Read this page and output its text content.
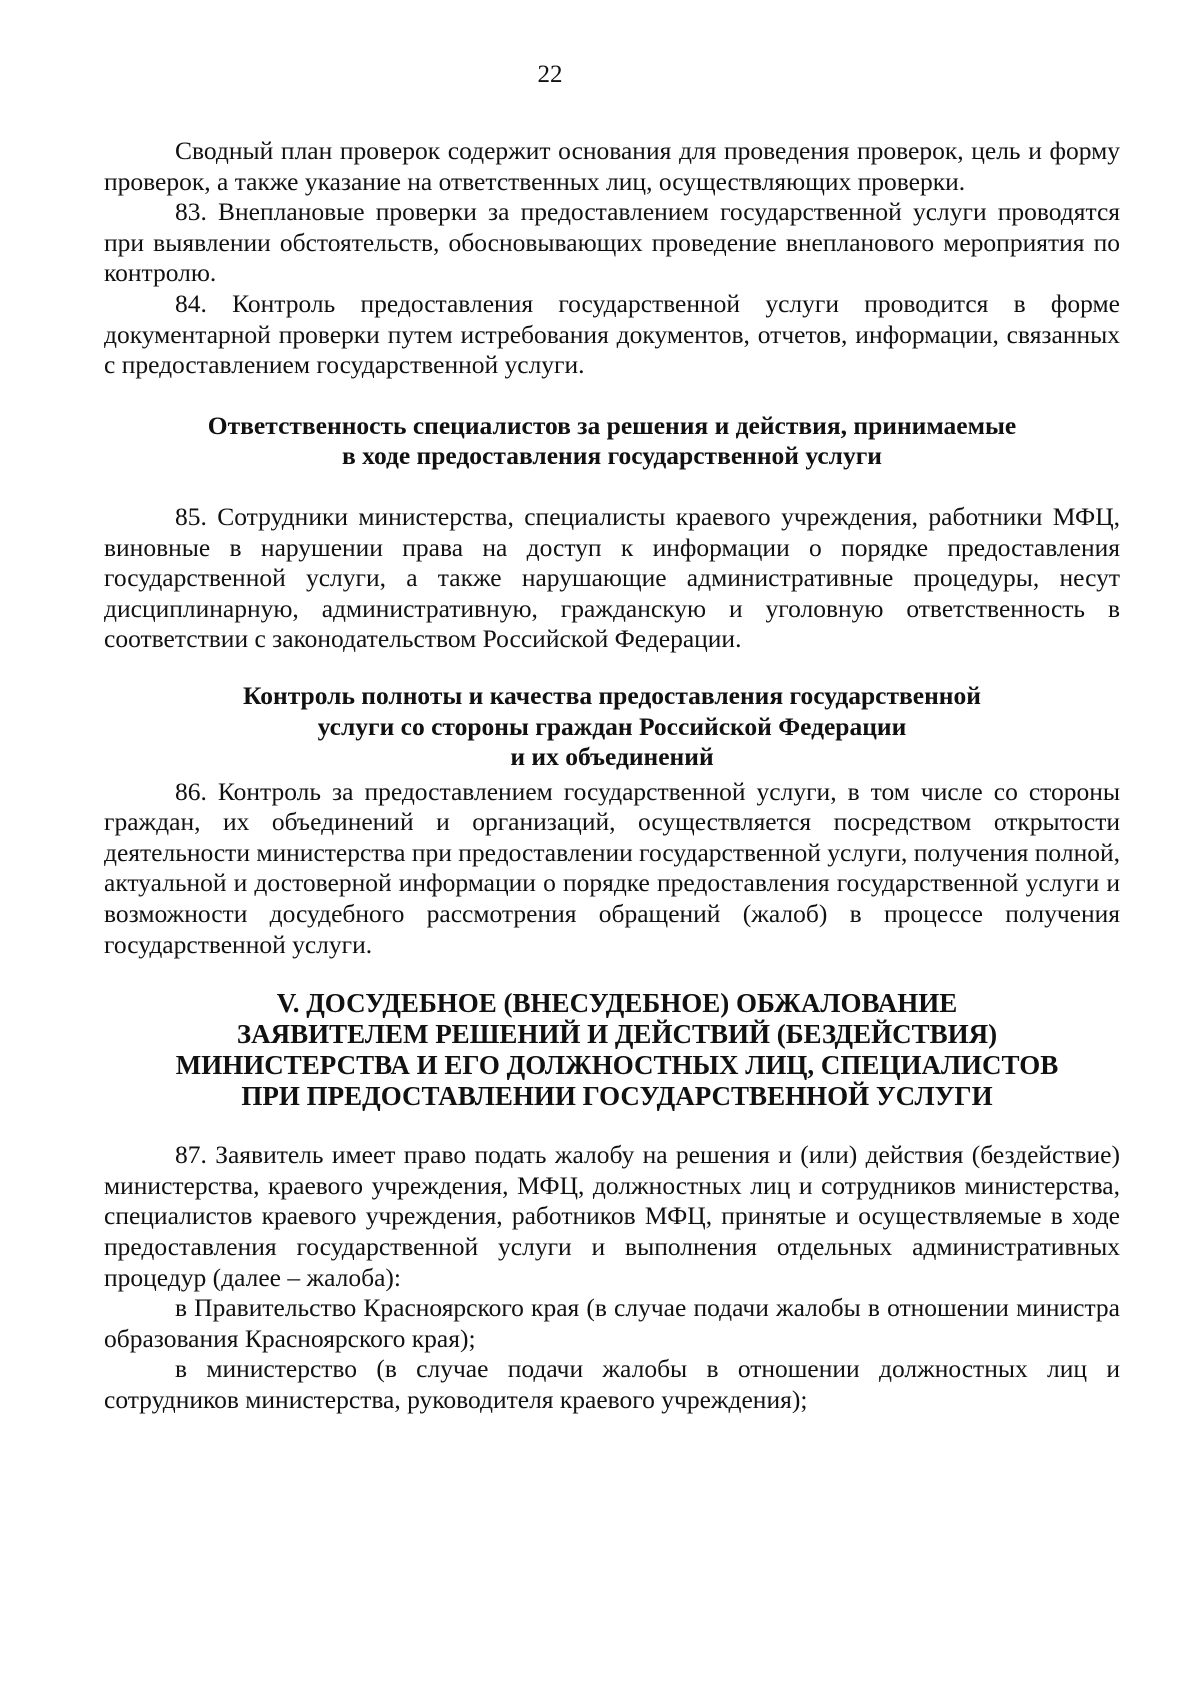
22

Сводный план проверок содержит основания для проведения проверок, цель и форму проверок, а также указание на ответственных лиц, осуществляющих проверки.

83. Внеплановые проверки за предоставлением государственной услуги проводятся при выявлении обстоятельств, обосновывающих проведение внепланового мероприятия по контролю.

84. Контроль предоставления государственной услуги проводится в форме документарной проверки путем истребования документов, отчетов, информации, связанных с предоставлением государственной услуги.

Ответственность специалистов за решения и действия, принимаемые

в ходе предоставления государственной услуги

85. Сотрудники министерства, специалисты краевого учреждения, работники МФЦ, виновные в нарушении права на доступ к информации о порядке предоставления государственной услуги, а также нарушающие административные процедуры, несут дисциплинарную, административную, гражданскую и уголовную ответственность в соответствии с законодательством Российской Федерации.

Контроль полноты и качества предоставления государственной

услуги со стороны граждан Российской Федерации

и их объединений

86. Контроль за предоставлением государственной услуги, в том числе со стороны граждан, их объединений и организаций, осуществляется посредством открытости деятельности министерства при предоставлении государственной услуги, получения полной, актуальной и достоверной информации о порядке предоставления государственной услуги и возможности досудебного рассмотрения обращений (жалоб) в процессе получения государственной услуги.

V. ДОСУДЕБНОЕ (ВНЕСУДЕБНОЕ) ОБЖАЛОВАНИЕ

ЗАЯВИТЕЛЕМ РЕШЕНИЙ И ДЕЙСТВИЙ (БЕЗДЕЙСТВИЯ)

МИНИСТЕРСТВА И ЕГО ДОЛЖНОСТНЫХ ЛИЦ, СПЕЦИАЛИСТОВ

ПРИ ПРЕДОСТАВЛЕНИИ ГОСУДАРСТВЕННОЙ УСЛУГИ

87. Заявитель имеет право подать жалобу на решения и (или) действия (бездействие) министерства, краевого учреждения, МФЦ, должностных лиц и сотрудников министерства, специалистов краевого учреждения, работников МФЦ, принятые и осуществляемые в ходе предоставления государственной услуги и выполнения отдельных административных процедур (далее – жалоба):

в Правительство Красноярского края (в случае подачи жалобы в отношении министра образования Красноярского края);

в министерство (в случае подачи жалобы в отношении должностных лиц и сотрудников министерства, руководителя краевого учреждения);
